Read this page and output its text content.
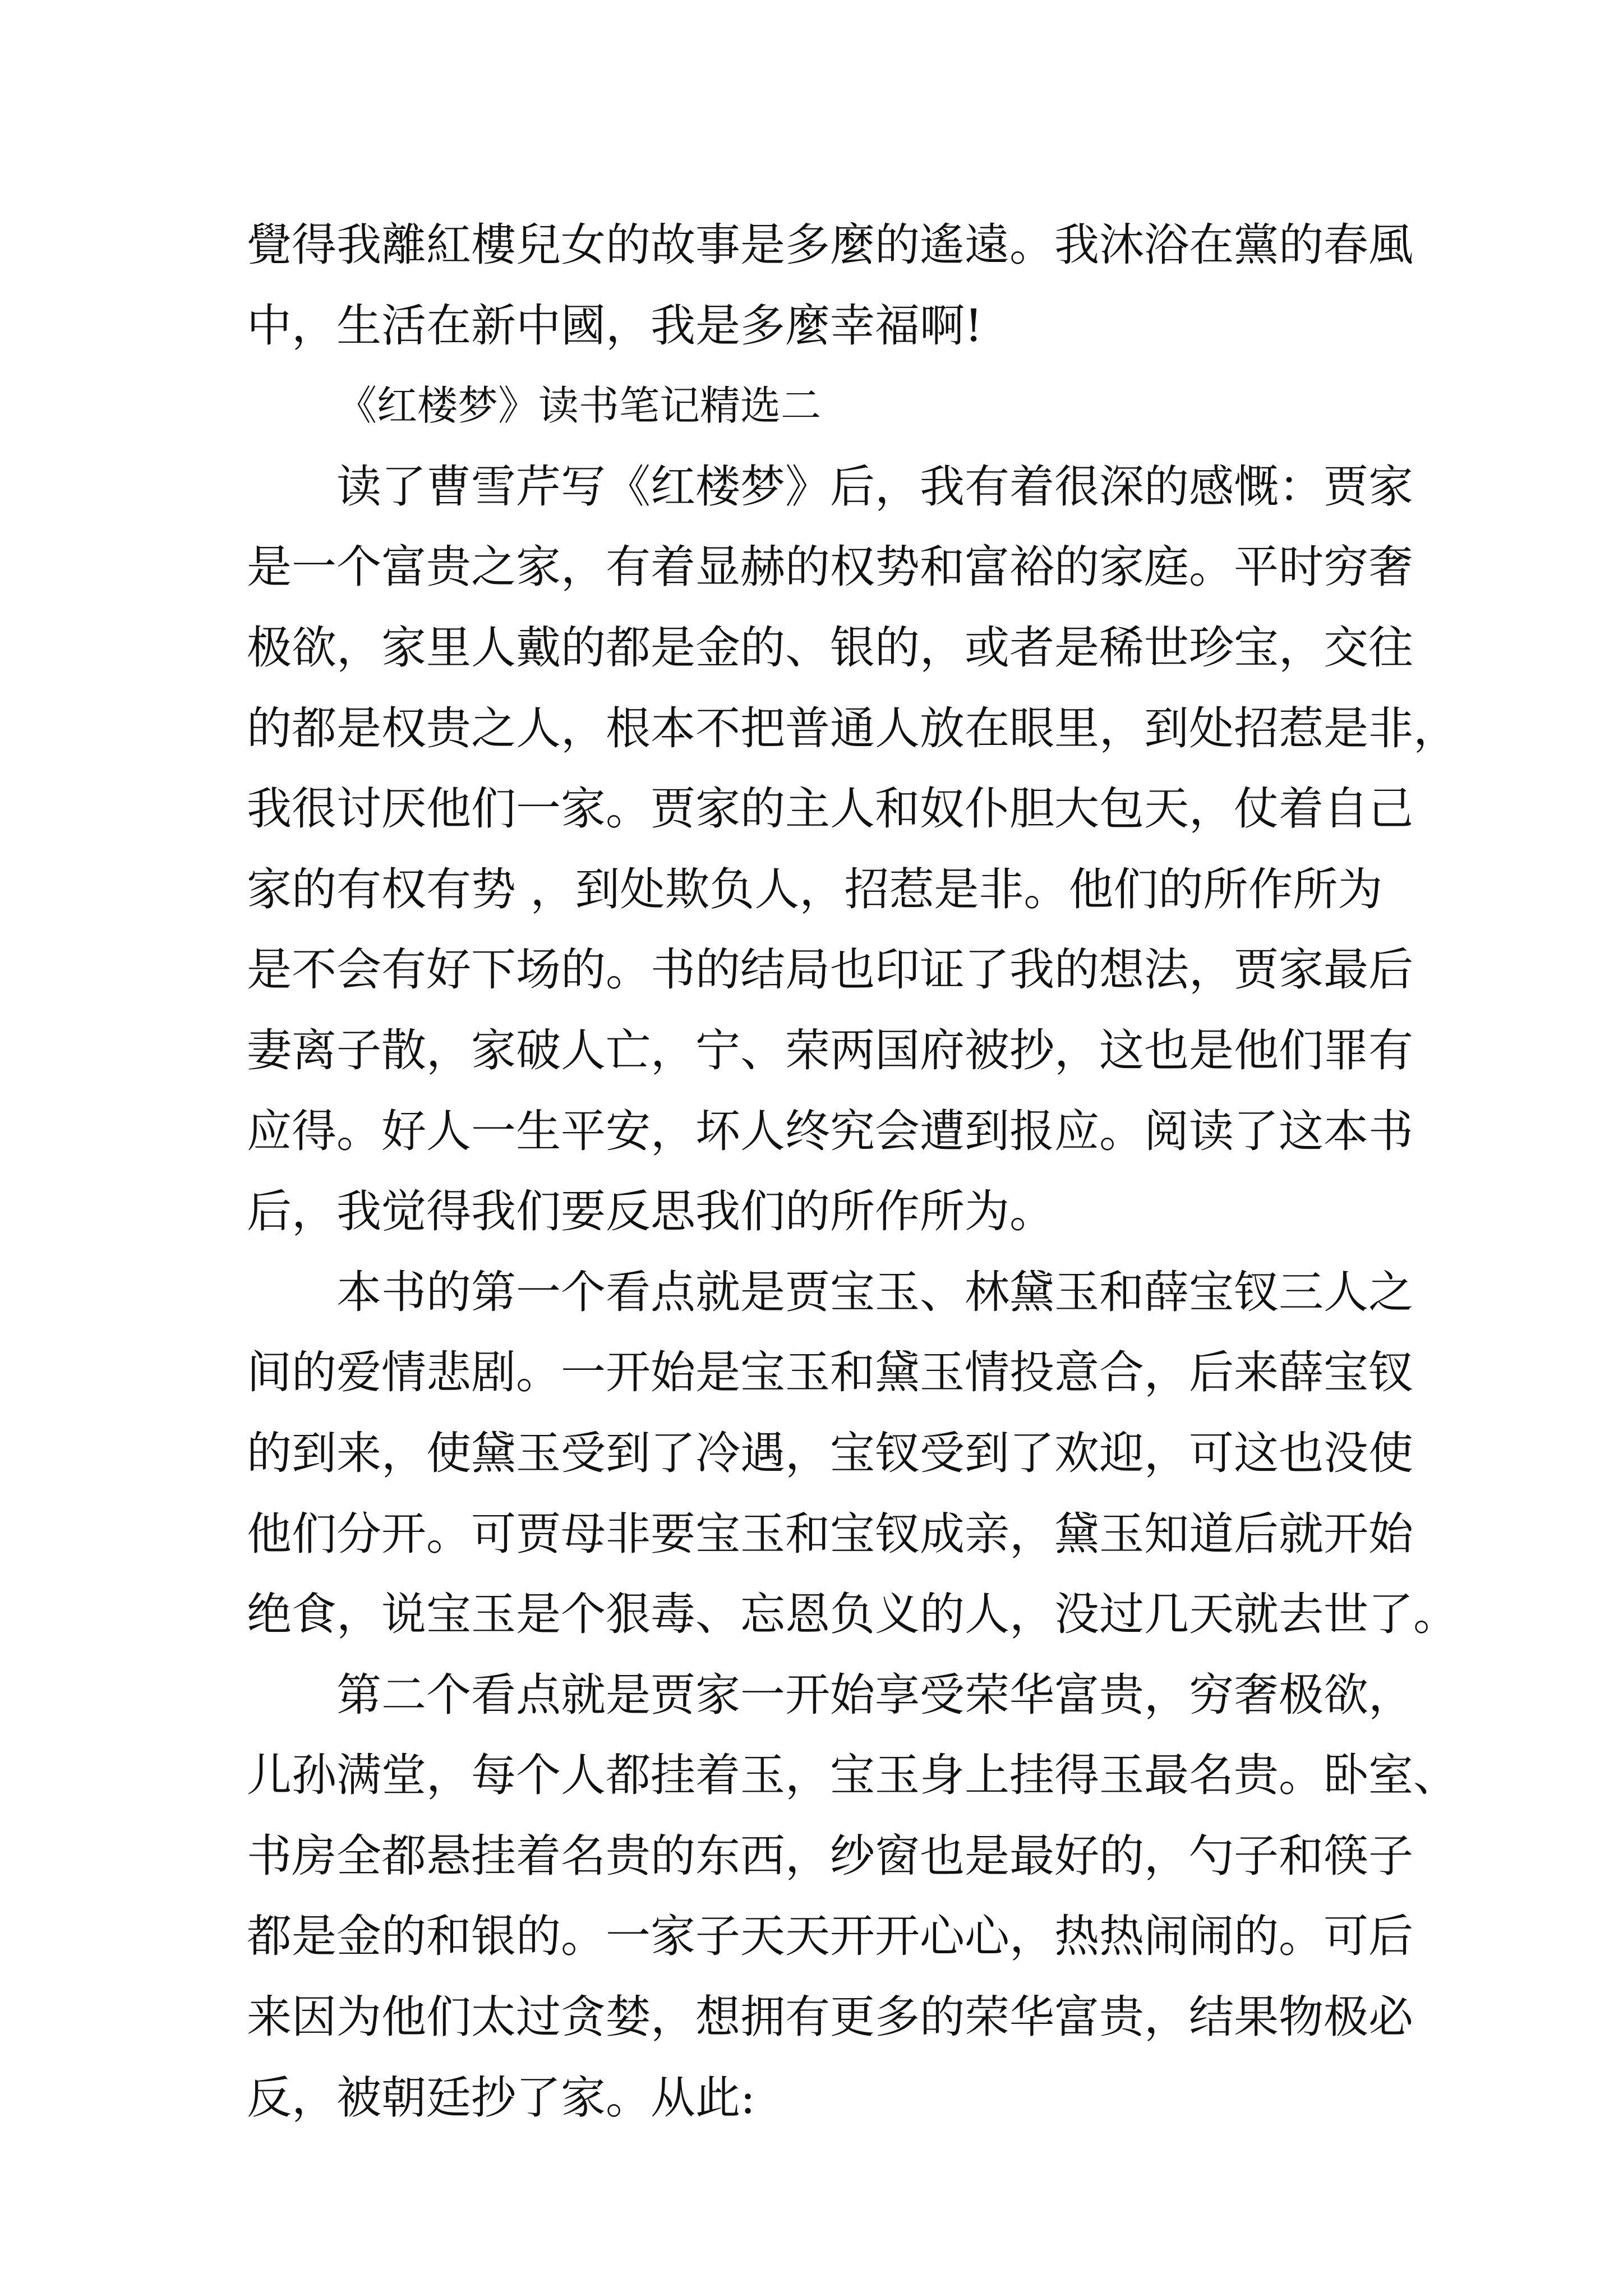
覺得我離紅樓兒女的故事是多麼的遙遠。我沐浴在黨的春風
中，生活在新中國，我是多麼幸福啊!
《红楼梦》读书笔记精选二
读了曹雪芹写《红楼梦》后，我有着很深的感慨：贾家
是一个富贵之家，有着显赫的权势和富裕的家庭。平时穷奢
极欲，家里人戴的都是金的、银的，或者是稀世珍宝，交往
的都是权贵之人，根本不把普通人放在眼里，到处招惹是非，
我很讨厌他们一家。贾家的主人和奴仆胆大包天，仗着自己
家的有权有势 ，到处欺负人，招惹是非。他们的所作所为
是不会有好下场的。书的结局也印证了我的想法，贾家最后
妻离子散，家破人亡，宁、荣两国府被抄，这也是他们罪有
应得。好人一生平安，坏人终究会遭到报应。阅读了这本书
后，我觉得我们要反思我们的所作所为。
本书的第一个看点就是贾宝玉、林黛玉和薛宝钗三人之
间的爱情悲剧。一开始是宝玉和黛玉情投意合，后来薛宝钗
的到来，使黛玉受到了冷遇，宝钗受到了欢迎，可这也没使
他们分开。可贾母非要宝玉和宝钗成亲，黛玉知道后就开始
绝食，说宝玉是个狠毒、忘恩负义的人，没过几天就去世了。
第二个看点就是贾家一开始享受荣华富贵，穷奢极欲，
儿孙满堂，每个人都挂着玉，宝玉身上挂得玉最名贵。卧室、
书房全都悬挂着名贵的东西，纱窗也是最好的，勺子和筷子
都是金的和银的。一家子天天开开心心，热热闹闹的。可后
来因为他们太过贪婪，想拥有更多的荣华富贵，结果物极必
反，被朝廷抄了家。从此:
